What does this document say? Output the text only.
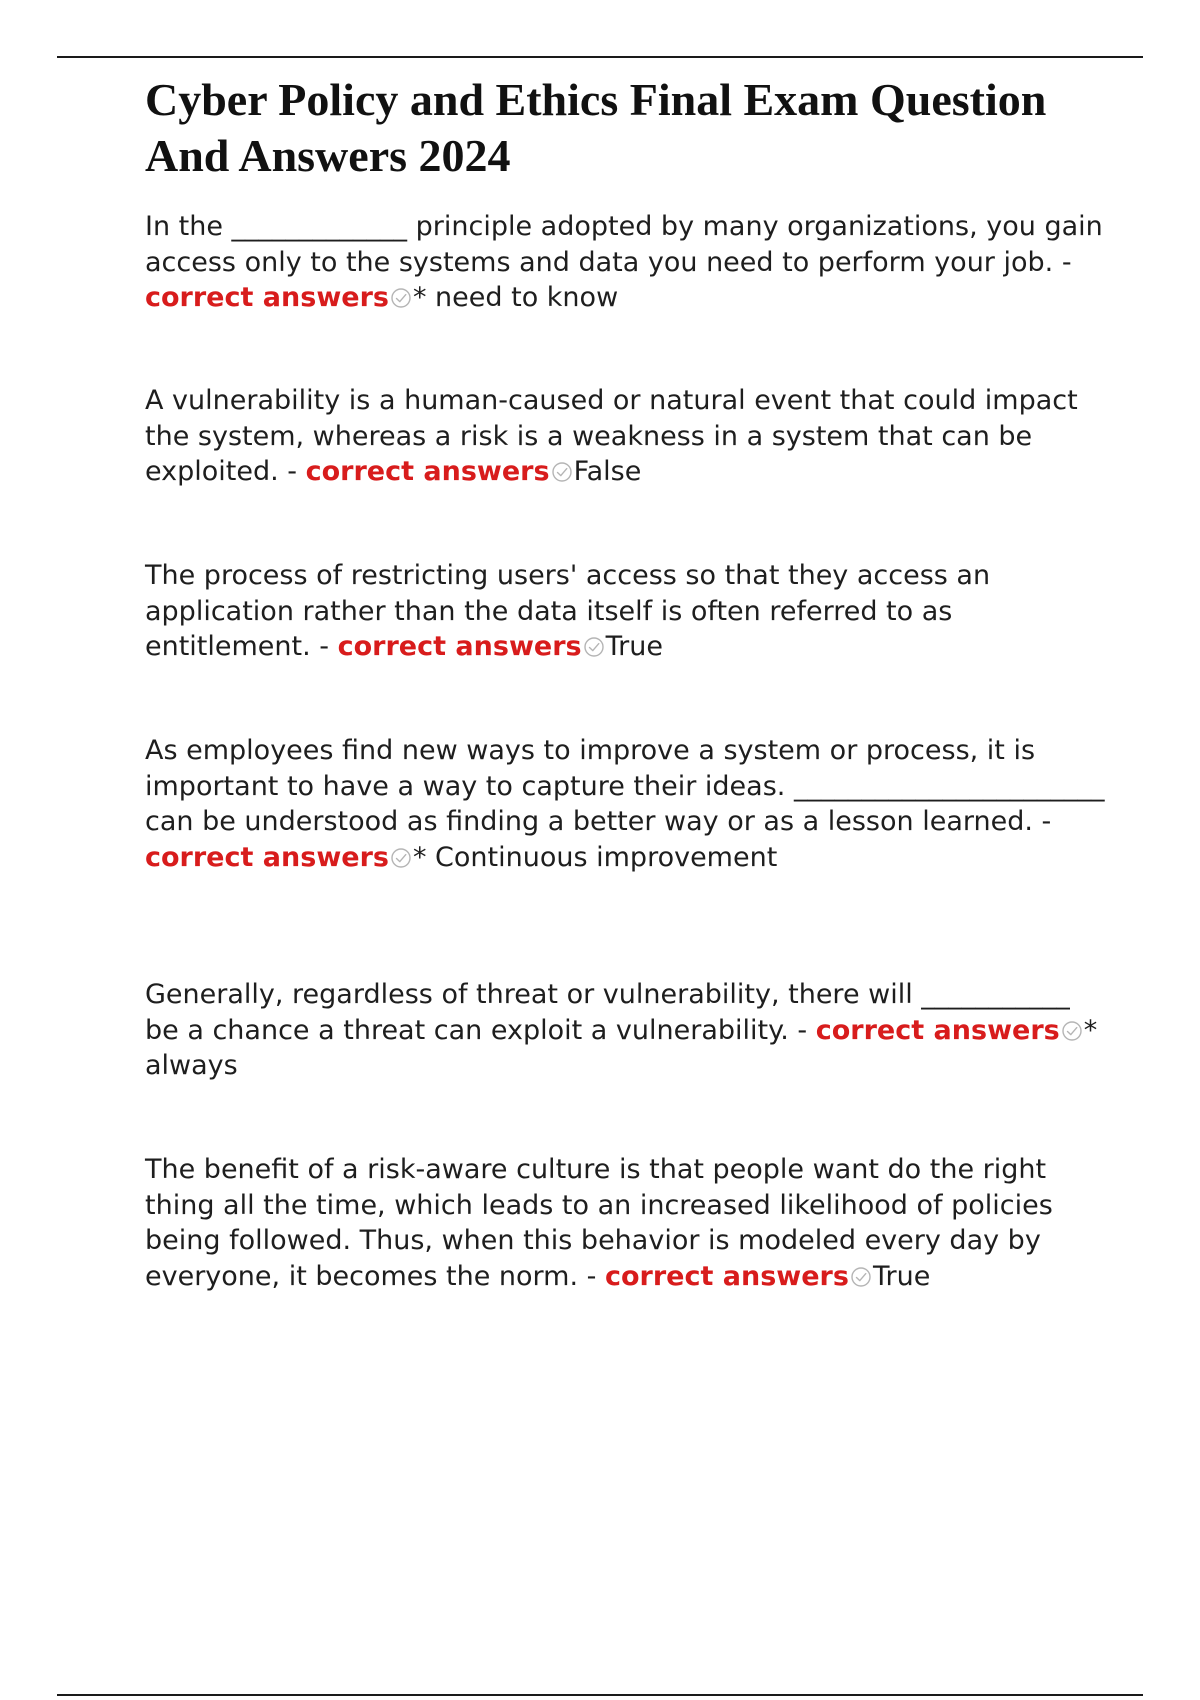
Cyber Policy and Ethics Final Exam Question And Answers 2024

In the _____________ principle adopted by many organizations, you gain access only to the systems and data you need to perform your job. - correct answers * need to know

A vulnerability is a human-caused or natural event that could impact the system, whereas a risk is a weakness in a system that can be exploited. - correct answers False

The process of restricting users' access so that they access an application rather than the data itself is often referred to as entitlement. - correct answers True

As employees find new ways to improve a system or process, it is important to have a way to capture their ideas. _______________________ can be understood as finding a better way or as a lesson learned. - correct answers * Continuous improvement

Generally, regardless of threat or vulnerability, there will ___________ be a chance a threat can exploit a vulnerability. - correct answers * always

The benefit of a risk-aware culture is that people want do the right thing all the time, which leads to an increased likelihood of policies being followed. Thus, when this behavior is modeled every day by everyone, it becomes the norm. - correct answers True
